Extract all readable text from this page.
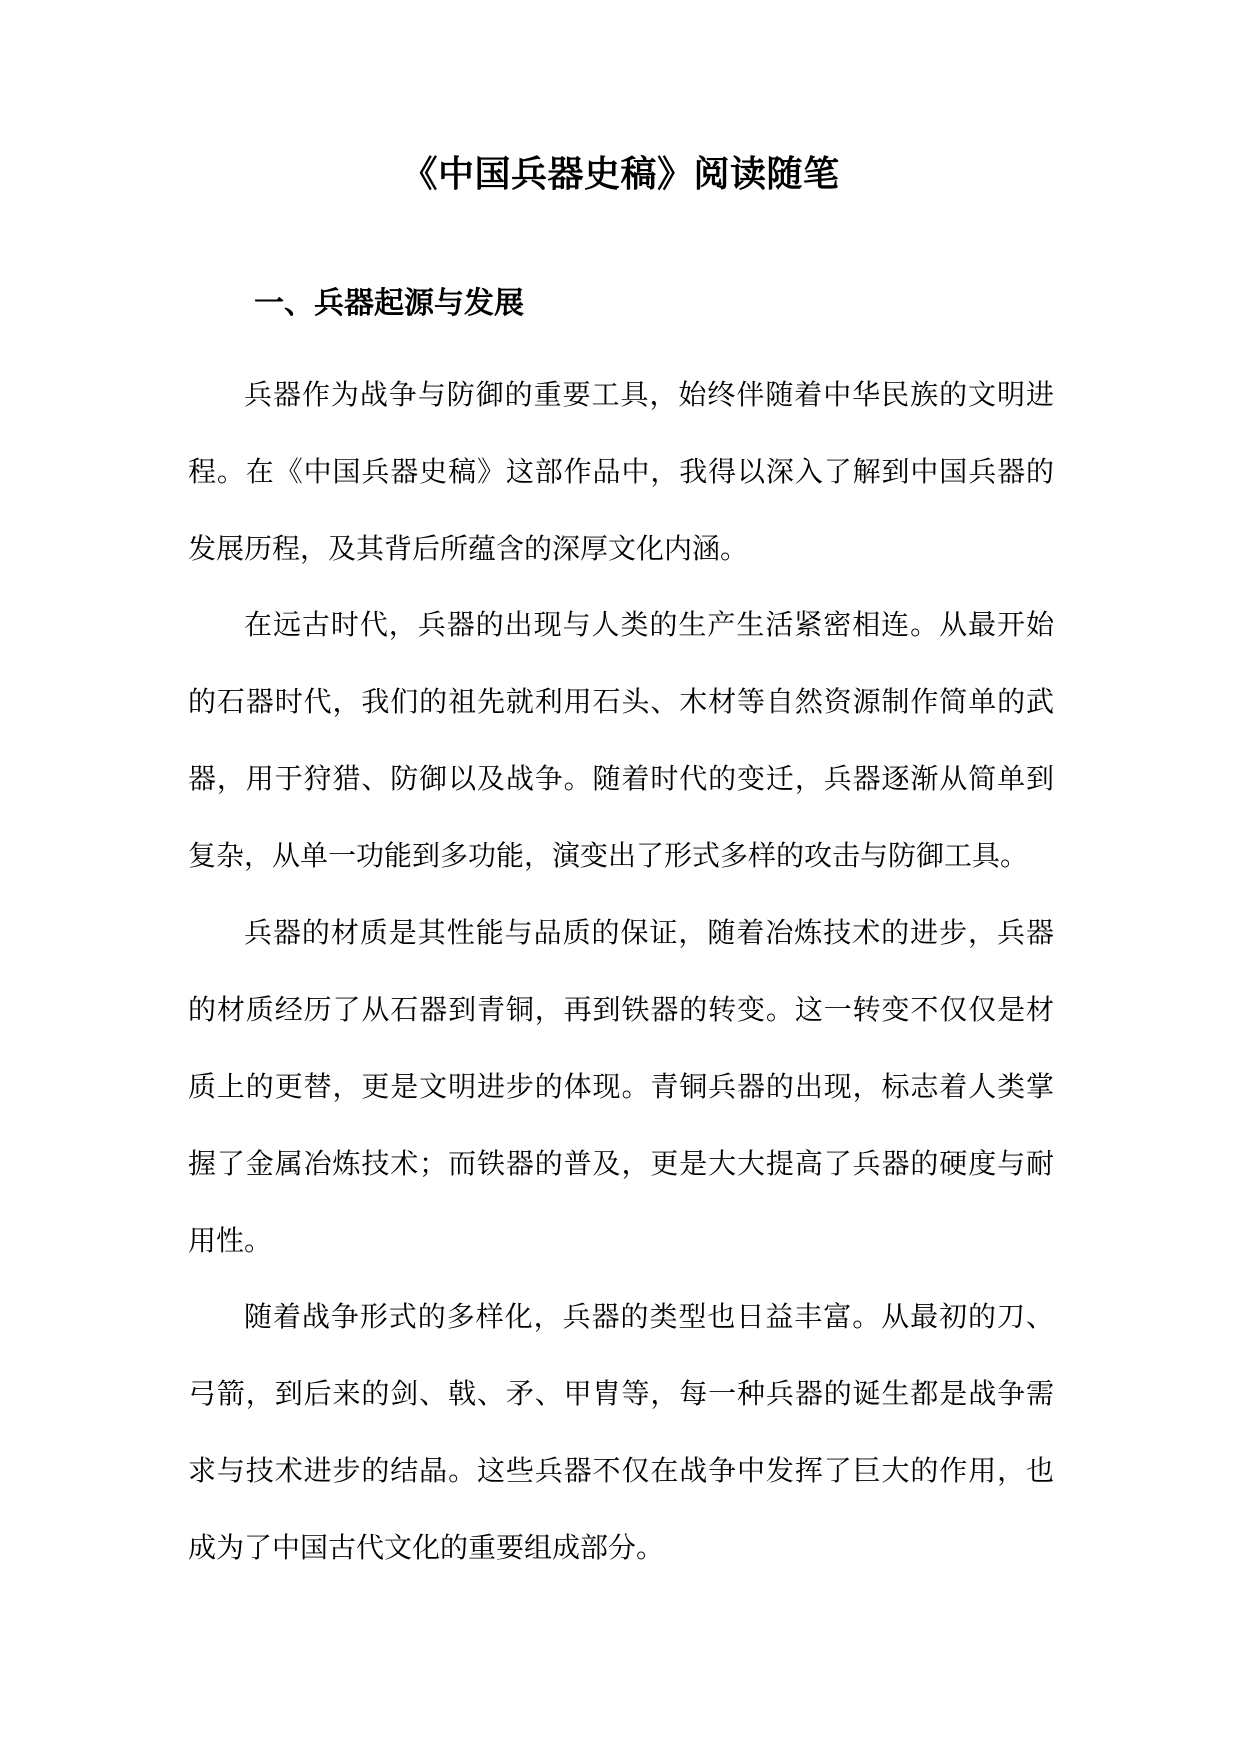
《中国兵器史稿》阅读随笔
一、兵器起源与发展

兵器作为战争与防御的重要工具，始终伴随着中华民族的文明进程。在《中国兵器史稿》这部作品中，我得以深入了解到中国兵器的发展历程，及其背后所蕴含的深厚文化内涵。

在远古时代，兵器的出现与人类的生产生活紧密相连。从最开始的石器时代，我们的祖先就利用石头、木材等自然资源制作简单的武器，用于狩猎、防御以及战争。随着时代的变迁，兵器逐渐从简单到复杂，从单一功能到多功能，演变出了形式多样的攻击与防御工具。

兵器的材质是其性能与品质的保证，随着冶炼技术的进步，兵器的材质经历了从石器到青铜，再到铁器的转变。这一转变不仅仅是材质上的更替，更是文明进步的体现。青铜兵器的出现，标志着人类掌握了金属冶炼技术；而铁器的普及，更是大大提高了兵器的硬度与耐用性。

随着战争形式的多样化，兵器的类型也日益丰富。从最初的刀、弓箭，到后来的剑、戟、矛、甲胄等，每一种兵器的诞生都是战争需求与技术进步的结晶。这些兵器不仅在战争中发挥了巨大的作用，也成为了中国古代文化的重要组成部分。
